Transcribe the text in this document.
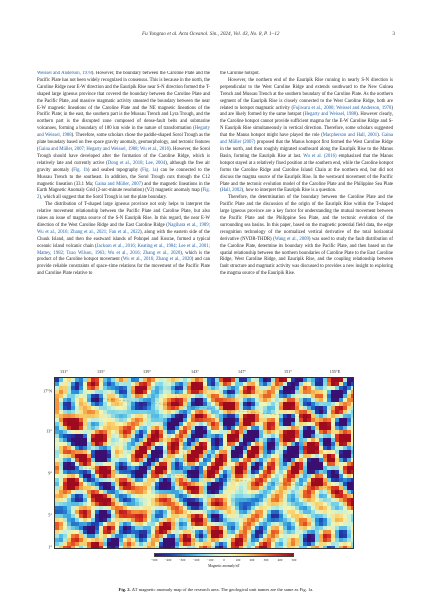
Fu Yongtao et al. Acta Oceanol. Sin., 2024, Vol. 43, No. 8, P. 1–12	3

Weissel and Anderson, 1978). However, the boundary between the Caroline Plate and the Pacific Plate has not been widely recognized in consensus. This is because in the north, the Caroline Ridge near E-W direction and the Eauripik Rise near S-N direction formed the T-shaped large igneous province that covered the boundary between the Caroline Plate and the Pacific Plate, and massive magmatic activity smeared the boundary between the near E-W magnetic lineations of the Caroline Plate and the NE magnetic lineations of the Pacific Plate; in the east, the southern part is the Mussau Trench and Lyra Trough, and the northern part is the disrupted zone composed of dense-fault belts and submarine volcanoes, forming a boundary of 180 km wide in the nature of transformation (Hegarty and Weissel, 1988). Therefore, some scholars chose the paddle-shaped Sorol Trough as the plate boundary based on free space gravity anomaly, geomorphology, and tectonic features (Gaina and Müller, 2007; Hegarty and Weissel, 1988; Wu et al., 2016). However, the Sorol Trough should have developed after the formation of the Caroline Ridge, which is relatively late and currently active (Dong et al., 2018; Lee, 2004), although the free air gravity anomaly (Fig. 1b) and seabed topography (Fig. 1a) can be connected to the Mussau Trench to the southeast. In addition, the Sorol Trough cuts through the C12 magnetic lineation (33.1 Ma; Gaina and Müller, 2007) and the magnetic lineations in the Earth Magnetic Anomaly Grid (2-arc-minute resolution) (V2) magnetic anomaly map (Fig. 2), which all suggest that the Sorol Trough is not the plate boundary.

The distribution of T-shaped large igneous province not only helps to interpret the relative movement relationship between the Pacific Plate and Caroline Plate, but also raises an issue of magma source of the S-N Eauripik Rise. In this regard, the near E-W direction of the West Caroline Ridge and the East Caroline Ridge (Nagihara et al., 1989; Wu et al., 2016; Zhang et al., 2021; Fan et al., 2022), along with the eastern side of the Chuuk Island, and then the eastward islands of Pohnpei and Kosrae, formed a typical oceanic island volcanic chain (Jackson et al., 2016; Keating et al., 1984; Lee et al., 2001; Mattey, 1982; Tuzo Wilson, 1963; Wu et al., 2016; Zhang et al., 2020), which is the product of the Caroline hotspot movement (Wu et al., 2016; Zhang et al., 2020) and can provide reliable constraints of space–time relations for the movement of the Pacific Plate and Caroline Plate relative to

the Caroline hotspot.

However, the northern end of the Eauripik Rise running in nearly S-N direction is perpendicular to the West Caroline Ridge and extends southward to the New Guinea Trench and Mussau Trench at the southern boundary of the Caroline Plate. As the northern segment of the Eauripik Rise is closely connected to the West Caroline Ridge, both are related to hotspot magmatic activity (Fujiwara et al., 2000; Weissel and Anderson, 1978) and are likely formed by the same hotspot (Hegarty and Weissel, 1988). However clearly, the Caroline hotspot cannot provide sufficient magma for the E-W Caroline Ridge and S-N Eauripik Rise simultaneously in vertical direction. Therefore, some scholars suggested that the Manus hotspot might have played the role (Macpherson and Hall, 2001). Gaina and Müller (2007) proposed that the Manus hotspot first formed the West Caroline Ridge in the north, and then roughly migrated southward along the Eauripik Rise to the Manus Basin, forming the Eauripik Rise at last. Wu et al. (2016) emphasized that the Manus hotspot stayed at a relatively fixed position at the southern end, while the Caroline hotspot forms the Caroline Ridge and Caroline Island Chain at the northern end, but did not discuss the magma source of the Eauripik Rise. In the westward movement of the Pacific Plate and the tectonic evolution model of the Caroline Plate and the Philippine Sea Plate (Hall, 2002), how to interpret the Eauripik Rise is a question.

Therefore, the determination of the boundary between the Caroline Plate and the Pacific Plate and the discussion of the origin of the Eauripik Rise within the T-shaped large igneous province are a key factor for understanding the mutual movement between the Pacific Plate and the Philippine Sea Plate, and the tectonic evolution of the surrounding sea basins. In this paper, based on the magnetic potential field data, the edge recognition technology of the normalized vertical derivative of the total horizontal derivative (NVDR-THDR) (Wang et al., 2009) was used to study the fault distribution of the Caroline Plate, determine its boundary with the Pacific Plate, and then based on the spatial relationship between the northern boundaries of Caroline Plate to the East Caroline Ridge, West Caroline Ridge, and Eauripik Rise, and the coupling relationship between fault structure and magmatic activity was discussed to provides a new insight to exploring the magma source of the Eauripik Rise.

131°	135°	139°	143°	147°	151°	155°E
17°N
13°
9°
5°
1°
−500 −400 −300 −200 −100	0	100	200	300	400	500
Magnetic anomaly/nT
Fig. 2. ΔT magnetic anomaly map of the research area. The geological unit names are the same as Fig. 1a.
